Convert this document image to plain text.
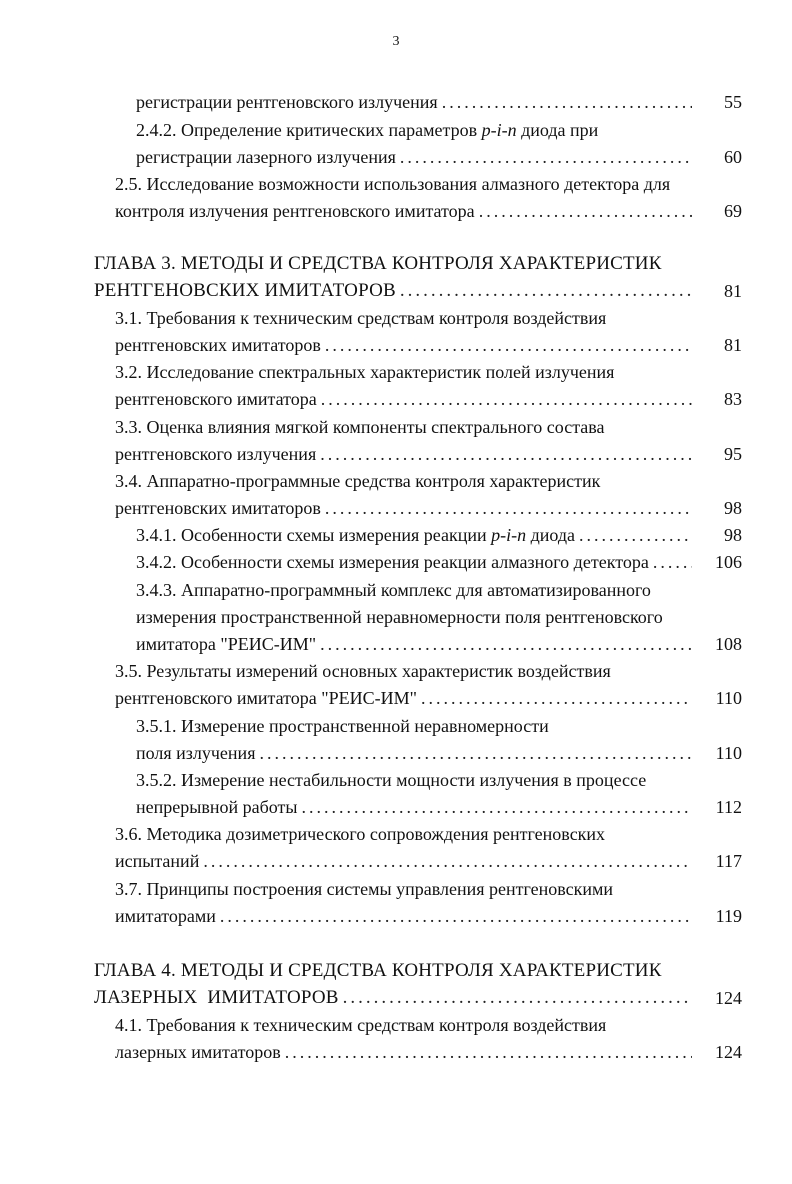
3
регистрации рентгеновского излучения .....	55
2.4.2. Определение критических параметров p-i-n диода при
регистрации лазерного излучения .....	60
2.5. Исследование возможности использования алмазного детектора для
контроля излучения рентгеновского имитатора .....	69
ГЛАВА 3. МЕТОДЫ И СРЕДСТВА КОНТРОЛЯ ХАРАКТЕРИСТИК
РЕНТГЕНОВСКИХ ИМИТАТОРОВ .....	81
3.1. Требования к техническим средствам контроля воздействия
рентгеновских имитаторов .....	81
3.2. Исследование спектральных характеристик полей излучения
рентгеновского имитатора .....	83
3.3. Оценка влияния мягкой компоненты спектрального состава
рентгеновского излучения .....	95
3.4. Аппаратно-программные средства контроля характеристик
рентгеновских имитаторов .....	98
3.4.1. Особенности схемы измерения реакции p-i-n диода .....	98
3.4.2. Особенности схемы измерения реакции алмазного детектора .....	106
3.4.3. Аппаратно-программный комплекс для автоматизированного
измерения пространственной неравномерности поля рентгеновского
имитатора "РЕИС-ИМ" .....	108
3.5. Результаты измерений основных характеристик воздействия
рентгеновского имитатора "РЕИС-ИМ" .....	110
3.5.1. Измерение пространственной неравномерности
поля излучения .....	110
3.5.2. Измерение нестабильности мощности излучения в процессе
непрерывной работы .....	112
3.6. Методика дозиметрического сопровождения рентгеновских
испытаний .....	117
3.7. Принципы построения системы управления рентгеновскими
имитаторами .....	119
ГЛАВА 4. МЕТОДЫ И СРЕДСТВА КОНТРОЛЯ ХАРАКТЕРИСТИК
ЛАЗЕРНЫХ  ИМИТАТОРОВ .....	124
4.1. Требования к техническим средствам контроля воздействия
лазерных имитаторов .....	124
